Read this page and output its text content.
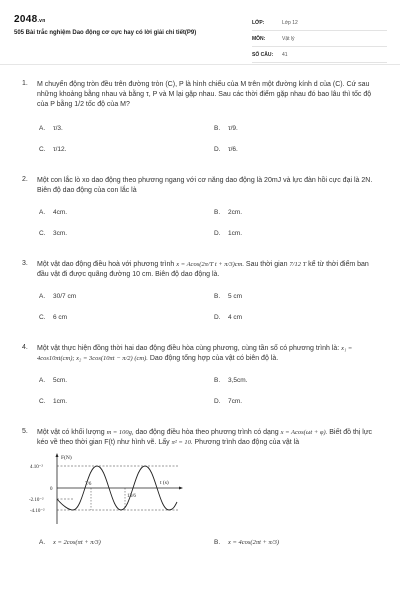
2048.vn
505 Bài trắc nghiệm Dao động cơ cực hay có lời giải chi tiết(P9)
LỚP:	Lớp 12
MÔN:	Vật lý
SỐ CÂU:	41
1. M chuyển động tròn đều trên đường tròn (C), P là hình chiếu của M trên một đường kính d của (C). Cứ sau những khoảng bằng nhau và bằng τ, P và M lại gặp nhau. Sau các thời điểm gặp nhau đó bao lâu thì tốc độ của P bằng 1/2 tốc độ của M?
A. τ/3.	B. τ/9.
C. τ/12.	D. τ/6.
2. Một con lắc lò xo dao động theo phương ngang với cơ năng dao động là 20mJ và lực đàn hồi cực đại là 2N. Biên độ dao động của con lắc là
A. 4cm.	B. 2cm.
C. 3cm.	D. 1cm.
3. Một vật dao động điều hoà với phương trình x = Acos(2π/T t + π/3)cm. Sau thời gian 7/12 T kể từ thời điểm ban đầu vật đi được quãng đường 10 cm. Biên độ dao động là.
A. 30/7 cm	B. 5 cm
C. 6 cm	D. 4 cm
4. Một vật thực hiện đồng thời hai dao động điều hòa cùng phương, cùng tần số có phương trình là: x₁ = 4cos10πt(cm); x₂ = 3cos(10πt − π/2) (cm). Dao động tổng hợp của vật có biên độ là.
A. 5cm.	B. 3,5cm.
C. 1cm.	D. 7cm.
5. Một vật có khối lượng m = 100g, dao động điều hòa theo phương trình có dạng x = Acos(ωt + φ). Biết đồ thị lực kéo về theo thời gian F(t) như hình vẽ. Lấy π² = 10. Phương trình dao động của vật là
F(N)
t (s)
4.10⁻²
0
-2.10⁻²
-4.10⁻²
7/6
13/6
A. x = 2cos(πt + π/3)	B. x = 4cos(2πt + π/3)
